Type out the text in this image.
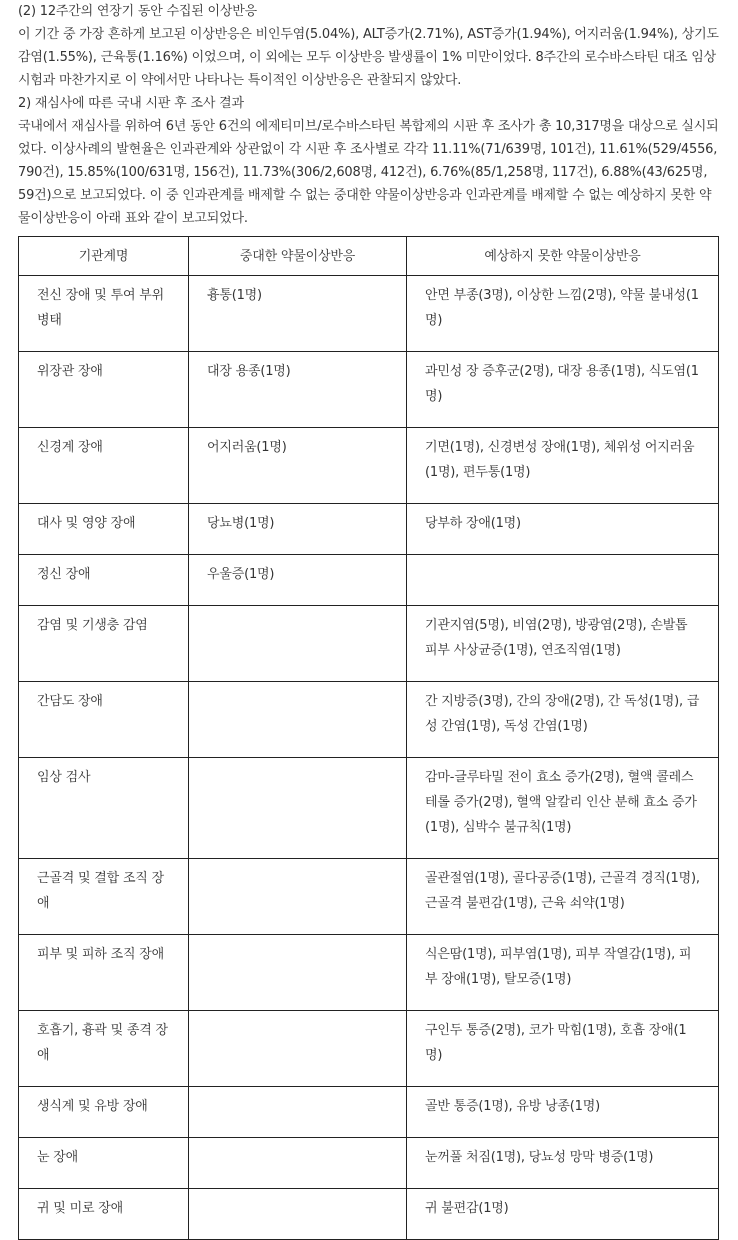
(2) 12주간의 연장기 동안 수집된 이상반응

이 기간 중 가장 흔하게 보고된 이상반응은 비인두염(5.04%), ALT증가(2.71%), AST증가(1.94%), 어지러움(1.94%), 상기도감염(1.55%), 근육통(1.16%) 이었으며, 이 외에는 모두 이상반응 발생률이 1% 미만이었다. 8주간의 로수바스타틴 대조 임상시험과 마찬가지로 이 약에서만 나타나는 특이적인 이상반응은 관찰되지 않았다.

2) 재심사에 따른 국내 시판 후 조사 결과

국내에서 재심사를 위하여 6년 동안 6건의 에제티미브/로수바스타틴 복합제의 시판 후 조사가 총 10,317명을 대상으로 실시되었다. 이상사례의 발현율은 인과관계와 상관없이 각 시판 후 조사별로 각각 11.11%(71/639명, 101건), 11.61%(529/4556, 790건), 15.85%(100/631명, 156건), 11.73%(306/2,608명, 412건), 6.76%(85/1,258명, 117건), 6.88%(43/625명, 59건)으로 보고되었다. 이 중 인과관계를 배제할 수 없는 중대한 약물이상반응과 인과관계를 배제할 수 없는 예상하지 못한 약물이상반응이 아래 표와 같이 보고되었다.

기관계명	중대한 약물이상반응	예상하지 못한 약물이상반응
전신 장애 및 투여 부위 병태	흉통(1명)	안면 부종(3명), 이상한 느낌(2명), 약물 불내성(1명)
위장관 장애	대장 용종(1명)	과민성 장 증후군(2명), 대장 용종(1명), 식도염(1명)
신경계 장애	어지러움(1명)	기면(1명), 신경변성 장애(1명), 체위성 어지러움(1명), 편두통(1명)
대사 및 영양 장애	당뇨병(1명)	당부하 장애(1명)
정신 장애	우울증(1명)	
감염 및 기생충 감염		기관지염(5명), 비염(2명), 방광염(2명), 손발톱 피부 사상균증(1명), 연조직염(1명)
간담도 장애		간 지방증(3명), 간의 장애(2명), 간 독성(1명), 급성 간염(1명), 독성 간염(1명)
임상 검사		감마-글루타밀 전이 효소 증가(2명), 혈액 콜레스테롤 증가(2명), 혈액 알칼리 인산 분해 효소 증가(1명), 심박수 불규칙(1명)
근골격 및 결합 조직 장애		골관절염(1명), 골다공증(1명), 근골격 경직(1명), 근골격 불편감(1명), 근육 쇠약(1명)
피부 및 피하 조직 장애		식은땀(1명), 피부염(1명), 피부 작열감(1명), 피부 장애(1명), 탈모증(1명)
호흡기, 흉곽 및 종격 장애		구인두 통증(2명), 코가 막힘(1명), 호흡 장애(1명)
생식계 및 유방 장애		골반 통증(1명), 유방 낭종(1명)
눈 장애		눈꺼풀 처짐(1명), 당뇨성 망막 병증(1명)
귀 및 미로 장애		귀 불편감(1명)
